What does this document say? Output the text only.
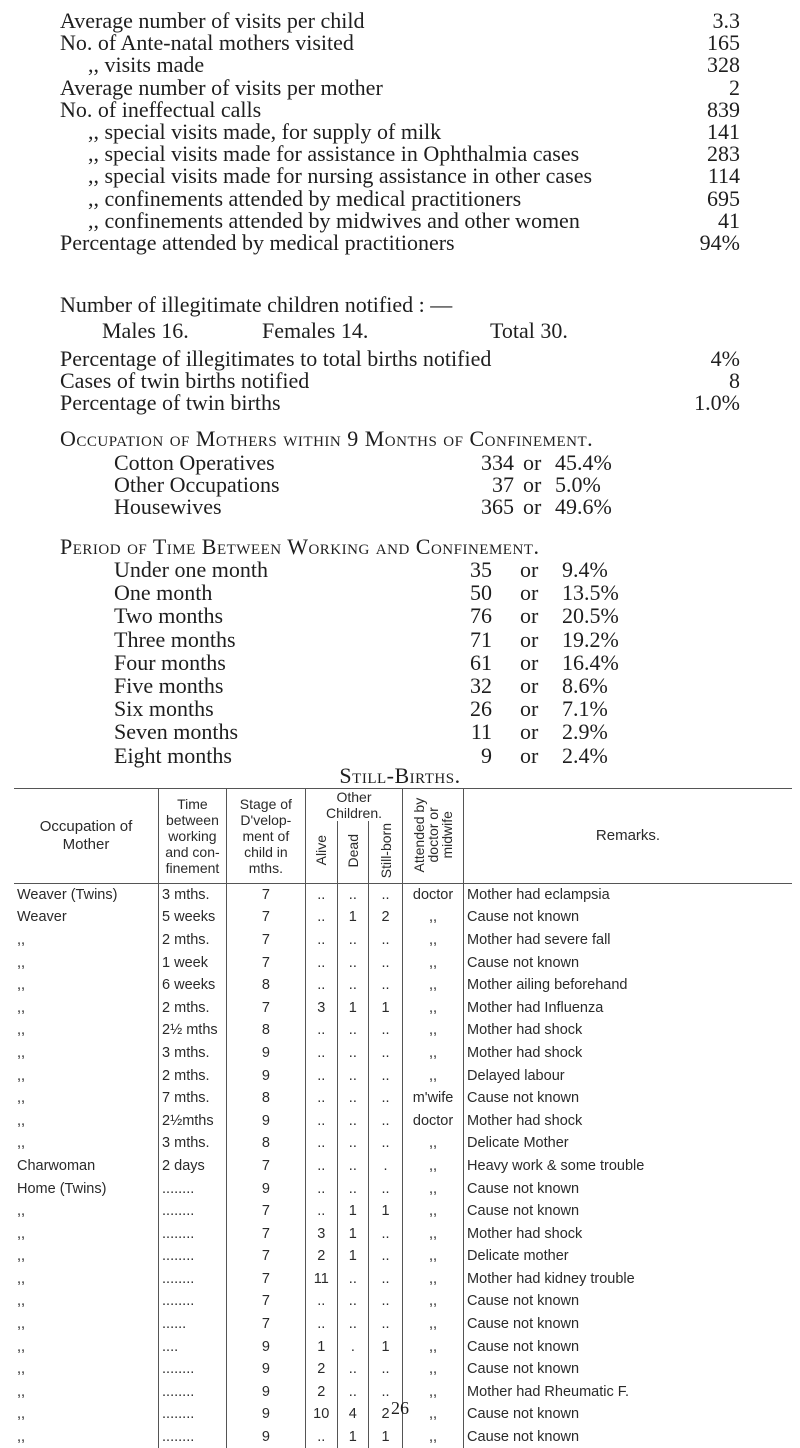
Average number of visits per child	3.3
No. of Ante-natal mothers visited	165
,, visits made	328
Average number of visits per mother	2
No. of ineffectual calls	839
,, special visits made, for supply of milk	141
,, special visits made for assistance in Ophthalmia cases	283
,, special visits made for nursing assistance in other cases	114
,, confinements attended by medical practitioners	695
,, confinements attended by midwives and other women	41
Percentage attended by medical practitioners	94%
Number of illegitimate children notified : —
Males 16.	Females 14.	Total 30.
Percentage of illegitimates to total births notified	4%
Cases of twin births notified	8
Percentage of twin births	1.0%
Occupation of Mothers within 9 Months of Confinement.
Cotton Operatives	334 or 45.4%
Other Occupations	37 or 5.0%
Housewives	365 or 49.6%
Period of Time Between Working and Confinement.
Under one month	35 or 9.4%
One month	50 or 13.5%
Two months	76 or 20.5%
Three months	71 or 19.2%
Four months	61 or 16.4%
Five months	32 or 8.6%
Six months	26 or 7.1%
Seven months	11 or 2.9%
Eight months	9 or 2.4%
Still-Births.
Occupation of Mother	Time between working and con-finement	Stage of D'velop-ment of child in mths.	Other Children.			Attended by doctor or midwife	Remarks.
			Alive	Dead	Still-born		
Weaver (Twins)	3 mths.	7	..	..	..	doctor	Mother had eclampsia
Weaver	5 weeks	7	..	1	2	,,	Cause not known
,,	2 mths.	7	..	..	..	,,	Mother had severe fall
,,	1 week	7	..	..	..	,,	Cause not known
,,	6 weeks	8	..	..	..	,,	Mother ailing beforehand
,,	2 mths.	7	3	1	1	,,	Mother had Influenza
,,	2½ mths	8	..	..	..	,,	Mother had shock
,,	3 mths.	9	..	..	..	,,	Mother had shock
,,	2 mths.	9	..	..	..	,,	Delayed labour
,,	7 mths.	8	..	..	..	m'wife	Cause not known
,,	2½mths	9	..	..	..	doctor	Mother had shock
,,	3 mths.	8	..	..	..	,,	Delicate Mother
Charwoman	2 days	7	..	..	.	,,	Heavy work & some trouble
Home (Twins)	........	9	..	..	..	,,	Cause not known
,,	........	7	..	1	1	,,	Cause not known
,,	........	7	3	1	..	,,	Mother had shock
,,	........	7	2	1	..	,,	Delicate mother
,,	........	7	11	..	..	,,	Mother had kidney trouble
,,	........	7	..	..	..	,,	Cause not known
,,	......	7	..	..	..	,,	Cause not known
,,	....	9	1	.	1	,,	Cause not known
,,	........	9	2	..	..	,,	Cause not known
,,	........	9	2	..	..	,,	Mother had Rheumatic F.
,,	........	9	10	4	2	,,	Cause not known
,,	........	9	..	1	1	,,	Cause not known
26
